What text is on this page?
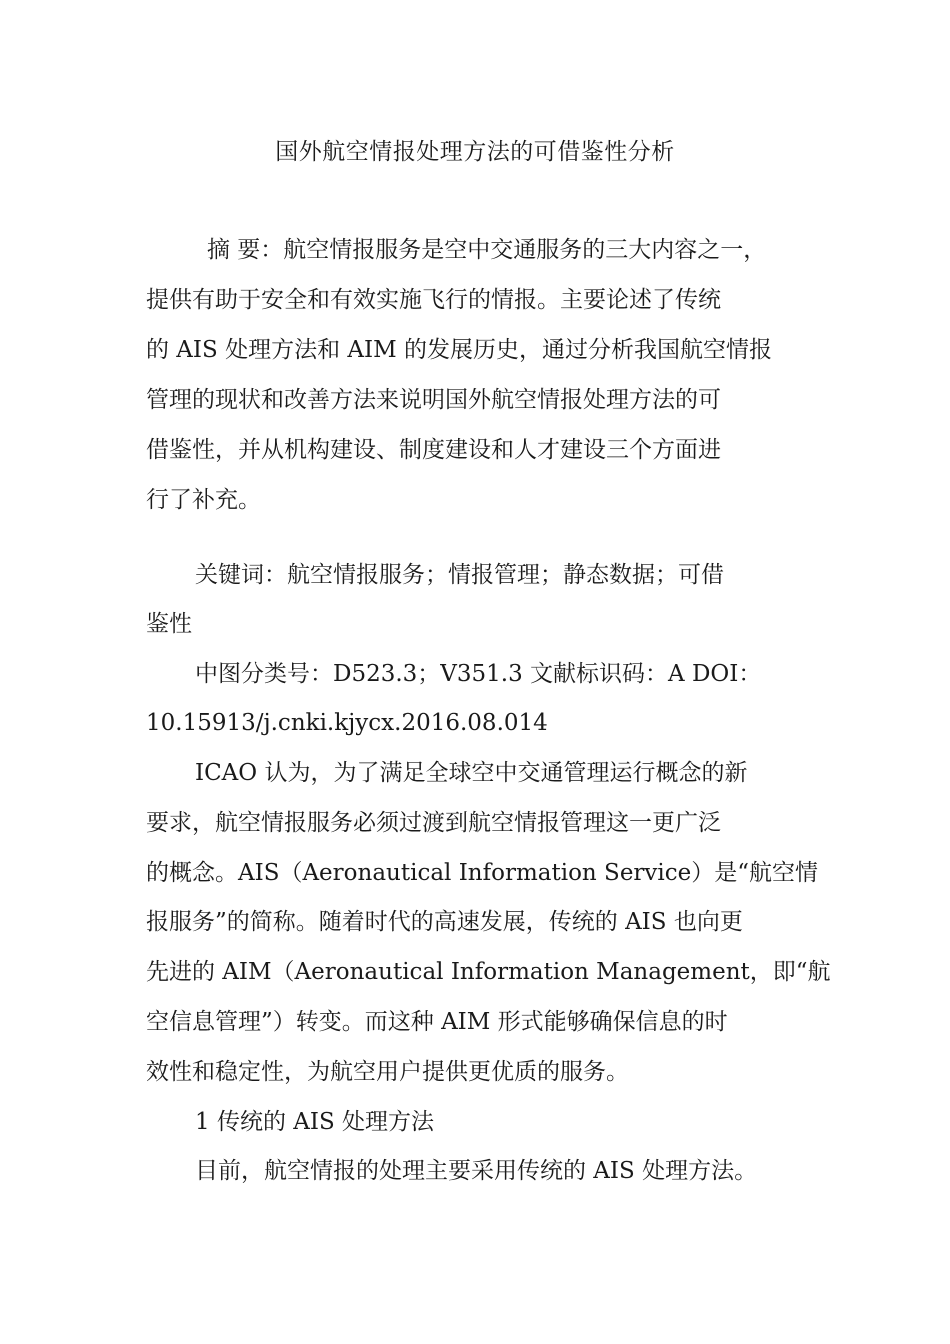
国外航空情报处理方法的可借鉴性分析
摘 要：航空情报服务是空中交通服务的三大内容之一，
提供有助于安全和有效实施飞行的情报。主要论述了传统
的 AIS 处理方法和 AIM 的发展历史，通过分析我国航空情报
管理的现状和改善方法来说明国外航空情报处理方法的可
借鉴性，并从机构建设、制度建设和人才建设三个方面进
行了补充。
关键词：航空情报服务；情报管理；静态数据；可借
鉴性
中图分类号：D523.3；V351.3 文献标识码：A DOI：
10.15913/j.cnki.kjycx.2016.08.014
ICAO 认为，为了满足全球空中交通管理运行概念的新
要求，航空情报服务必须过渡到航空情报管理这一更广泛
的概念。AIS（Aeronautical Information Service）是“航空情
报服务”的简称。随着时代的高速发展，传统的 AIS 也向更
先进的 AIM（Aeronautical Information Management，即“航
空信息管理”）转变。而这种 AIM 形式能够确保信息的时
效性和稳定性，为航空用户提供更优质的服务。
1 传统的 AIS 处理方法
目前，航空情报的处理主要采用传统的 AIS 处理方法。
